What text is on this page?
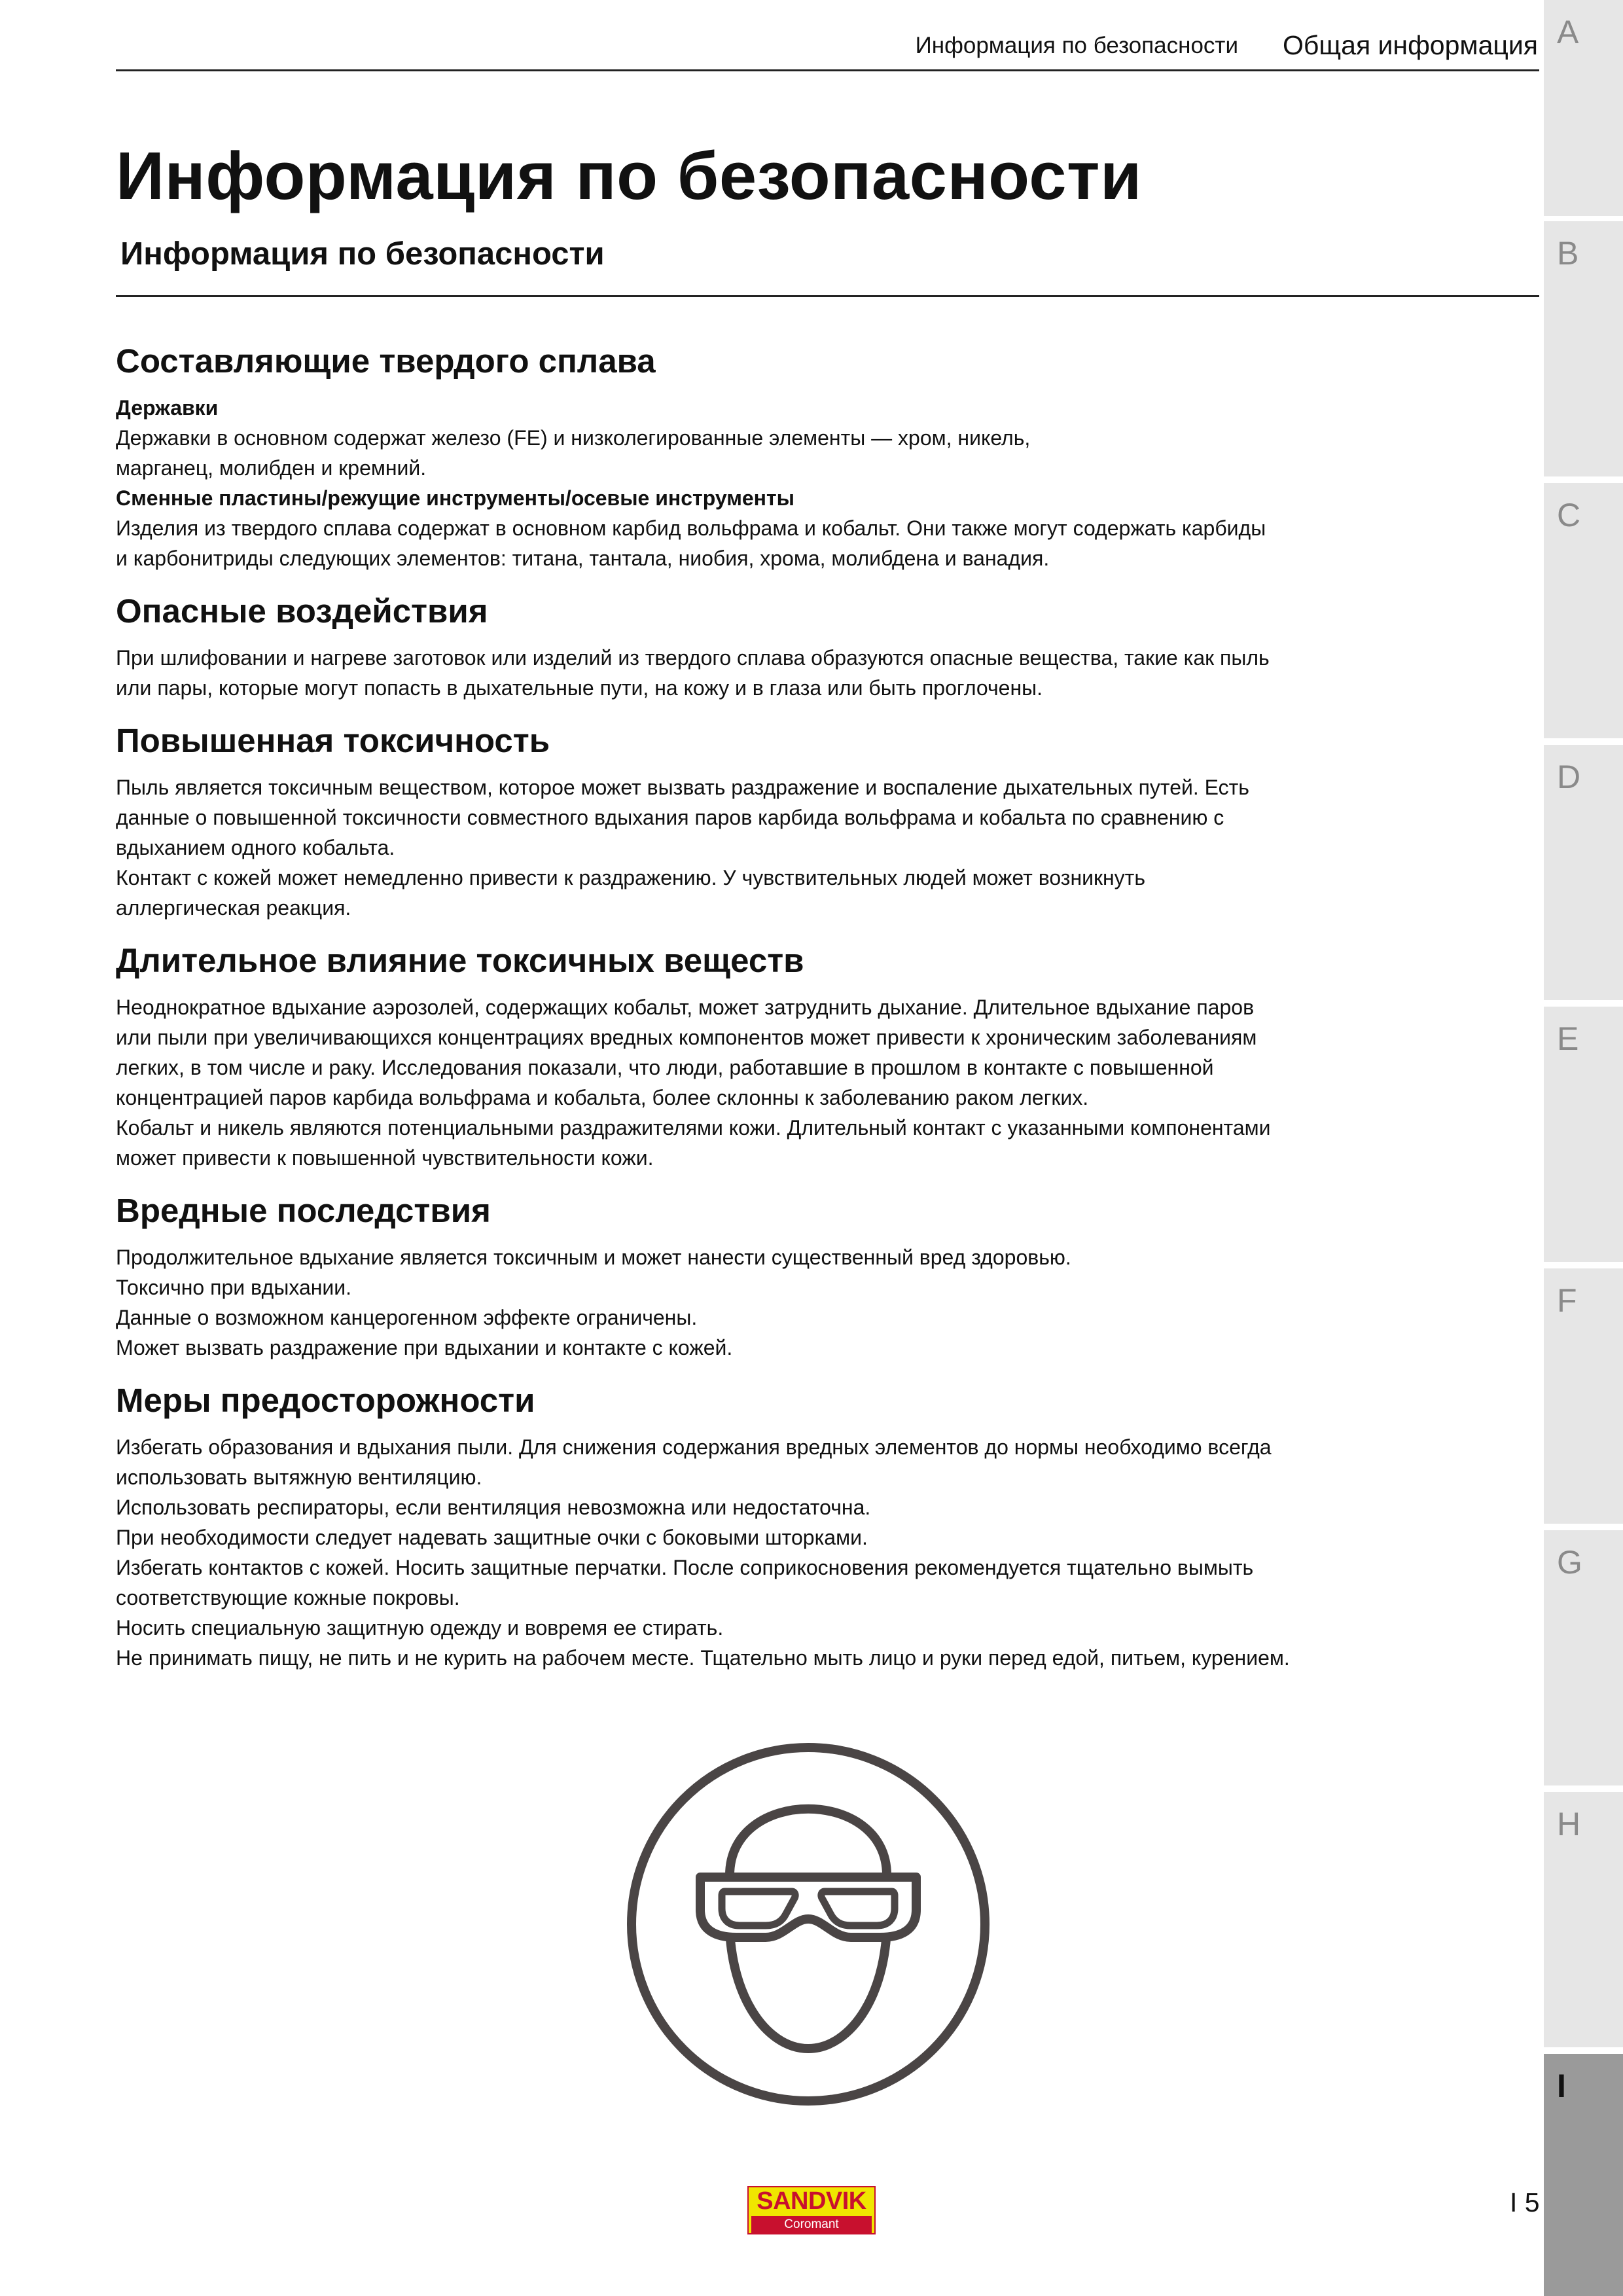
Информация по безопасности Общая информация
Информация по безопасности
Информация по безопасности
Составляющие твердого сплава

Державки

Державки в основном содержат железо (FE) и низколегированные элементы — хром, никель,

марганец, молибден и кремний.

Сменные пластины/режущие инструменты/осевые инструменты

Изделия из твердого сплава содержат в основном карбид вольфрама и кобальт. Они также могут содержать карбиды

и карбонитриды следующих элементов: титана, тантала, ниобия, хрома, молибдена и ванадия.

Опасные воздействия

При шлифовании и нагреве заготовок или изделий из твердого сплава образуются опасные вещества, такие как пыль

или пары, которые могут попасть в дыхательные пути, на кожу и в глаза или быть проглочены.

Повышенная токсичность

Пыль является токсичным веществом, которое может вызвать раздражение и воспаление дыхательных путей. Есть

данные о повышенной токсичности совместного вдыхания паров карбида вольфрама и кобальта по сравнению с

вдыханием одного кобальта.

Контакт с кожей может немедленно привести к раздражению. У чувствительных людей может возникнуть

аллергическая реакция.

Длительное влияние токсичных веществ

Неоднократное вдыхание аэрозолей, содержащих кобальт, может затруднить дыхание. Длительное вдыхание паров

или пыли при увеличивающихся концентрациях вредных компонентов может привести к хроническим заболеваниям

легких, в том числе и раку. Исследования показали, что люди, работавшие в прошлом в контакте с повышенной

концентрацией паров карбида вольфрама и кобальта, более склонны к заболеванию раком легких.

Кобальт и никель являются потенциальными раздражителями кожи. Длительный контакт с указанными компонентами

может привести к повышенной чувствительности кожи.

Вредные последствия

Продолжительное вдыхание является токсичным и может нанести существенный вред здоровью.

Токсично при вдыхании.

Данные о возможном канцерогенном эффекте ограничены.

Может вызвать раздражение при вдыхании и контакте с кожей.

Меры предосторожности

Избегать образования и вдыхания пыли. Для снижения содержания вредных элементов до нормы необходимо всегда

использовать вытяжную вентиляцию.

Использовать респираторы, если вентиляция невозможна или недостаточна.

При необходимости следует надевать защитные очки с боковыми шторками.

Избегать контактов с кожей. Носить защитные перчатки. После соприкосновения рекомендуется тщательно вымыть

соответствующие кожные покровы.

Носить специальную защитную одежду и вовремя ее стирать.

Не принимать пищу, не пить и не курить на рабочем месте. Тщательно мыть лицо и руки перед едой, питьем, курением.

A
B
C
D
E
F
G
H
I
SANDVIK
Coromant
I 5
